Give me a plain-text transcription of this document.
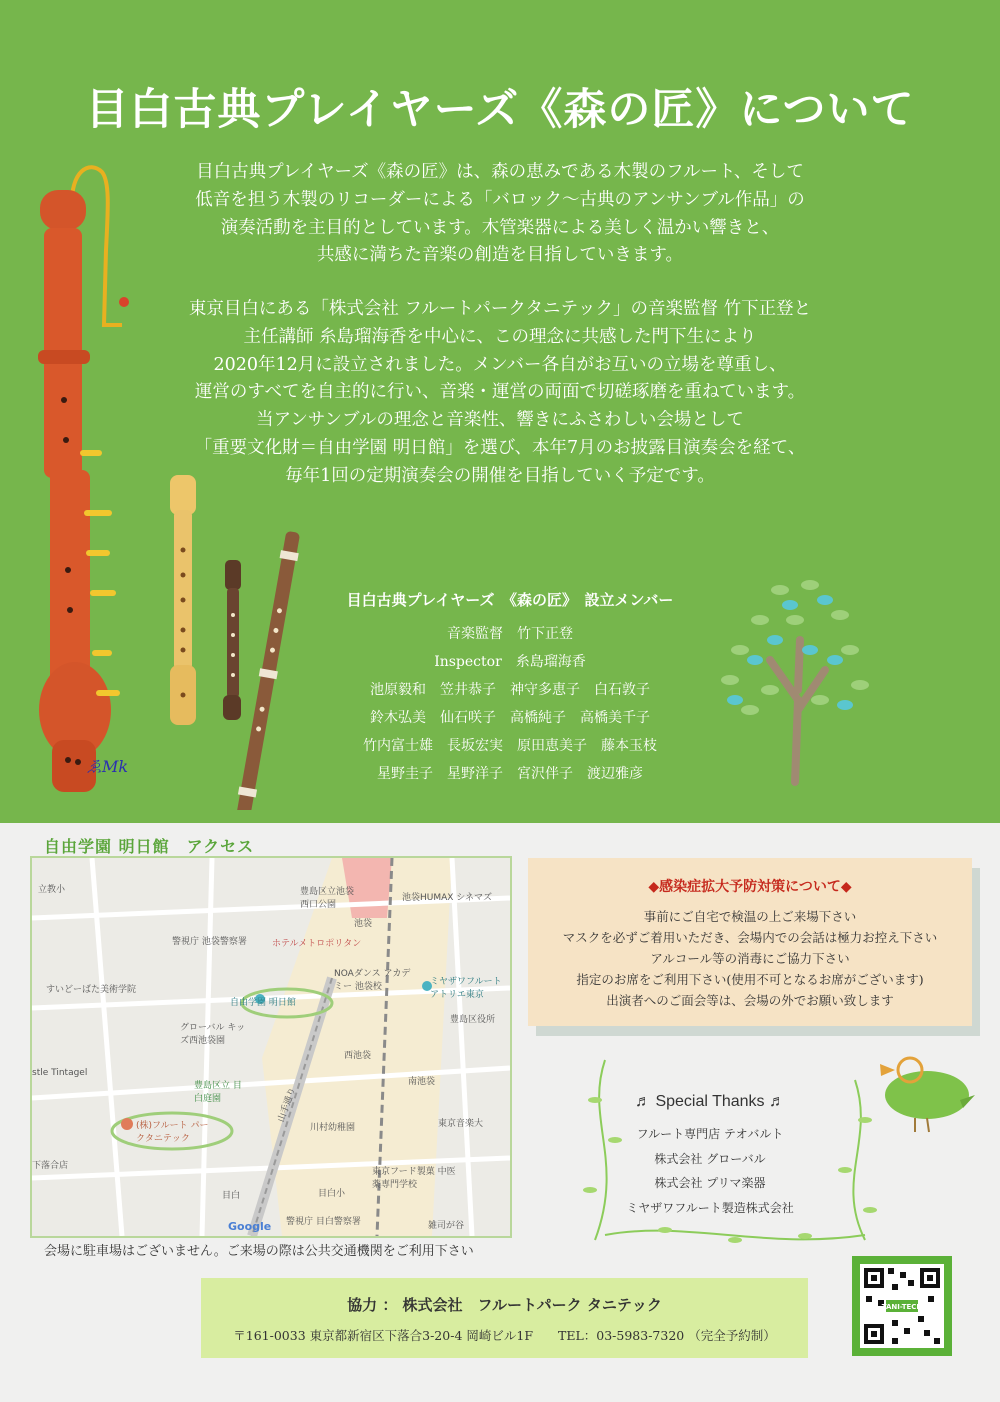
目白古典プレイヤーズ《森の匠》について
目白古典プレイヤーズ《森の匠》は、森の恵みである木製のフルート、そして
低音を担う木製のリコーダーによる「バロック〜古典のアンサンブル作品」の
演奏活動を主目的としています。木管楽器による美しく温かい響きと、
共感に満ちた音楽の創造を目指していきます。
東京目白にある「株式会社 フルートパークタニテック」の音楽監督 竹下正登と
主任講師 糸島瑠海香を中心に、この理念に共感した門下生により
2020年12月に設立されました。メンバー各自がお互いの立場を尊重し、
運営のすべてを自主的に行い、音楽・運営の両面で切磋琢磨を重ねています。
当アンサンブルの理念と音楽性、響きにふさわしい会場として
「重要文化財＝自由学園 明日館」を選び、本年7月のお披露目演奏会を経て、
毎年1回の定期演奏会の開催を目指していく予定です。
ゑMk
目白古典プレイヤーズ　《森の匠》　設立メンバー
音楽監督　竹下正登
Inspector　糸島瑠海香
池原毅和　笠井恭子　神守多恵子　白石敦子
鈴木弘美　仙石咲子　高橋純子　高橋美千子
竹内富士雄　長坂宏実　原田恵美子　藤本玉枝
星野圭子　星野洋子　宮沢伴子　渡辺雅彦
自由学園 明日館　アクセス
自由学園 明日館
(株)フルート パークタニテック
ホテルメトロポリタン
豊島区立池袋 西口公園
池袋HUMAX シネマズ
警視庁 池袋警察署
すいどーばた美術学院
NOAダンス アカデミー 池袋校	ミヤザワフルート アトリエ東京
グローバル キッズ西池袋園
豊島区役所
豊島区立 目白庭園
川村幼稚園
東京フード製菓 中医薬専門学校
目白
警視庁 目白警察署
池袋
立教小
stle Tintagel
下落合店
西池袋
南池袋
東京音楽大
目白小
雑司が谷
山手通り
Google
会場に駐車場はございません。ご来場の際は公共交通機関をご利用下さい
◆感染症拡大予防対策について◆
事前にご自宅で検温の上ご来場下さい
マスクを必ずご着用いただき、会場内での会話は極力お控え下さい
アルコール等の消毒にご協力下さい
指定のお席をご利用下さい(使用不可となるお席がございます)
出演者へのご面会等は、会場の外でお願い致します
♬ Special Thanks ♬
フルート専門店 テオバルト
株式会社 グローバル
株式会社 プリマ楽器
ミヤザワフルート製造株式会社
協力 ： 株式会社　フルートパーク タニテック
〒161-0033 東京都新宿区下落合3-20-4 岡崎ビル1F　　TEL：03-5983-7320 （完全予約制）
TANI-TECH
